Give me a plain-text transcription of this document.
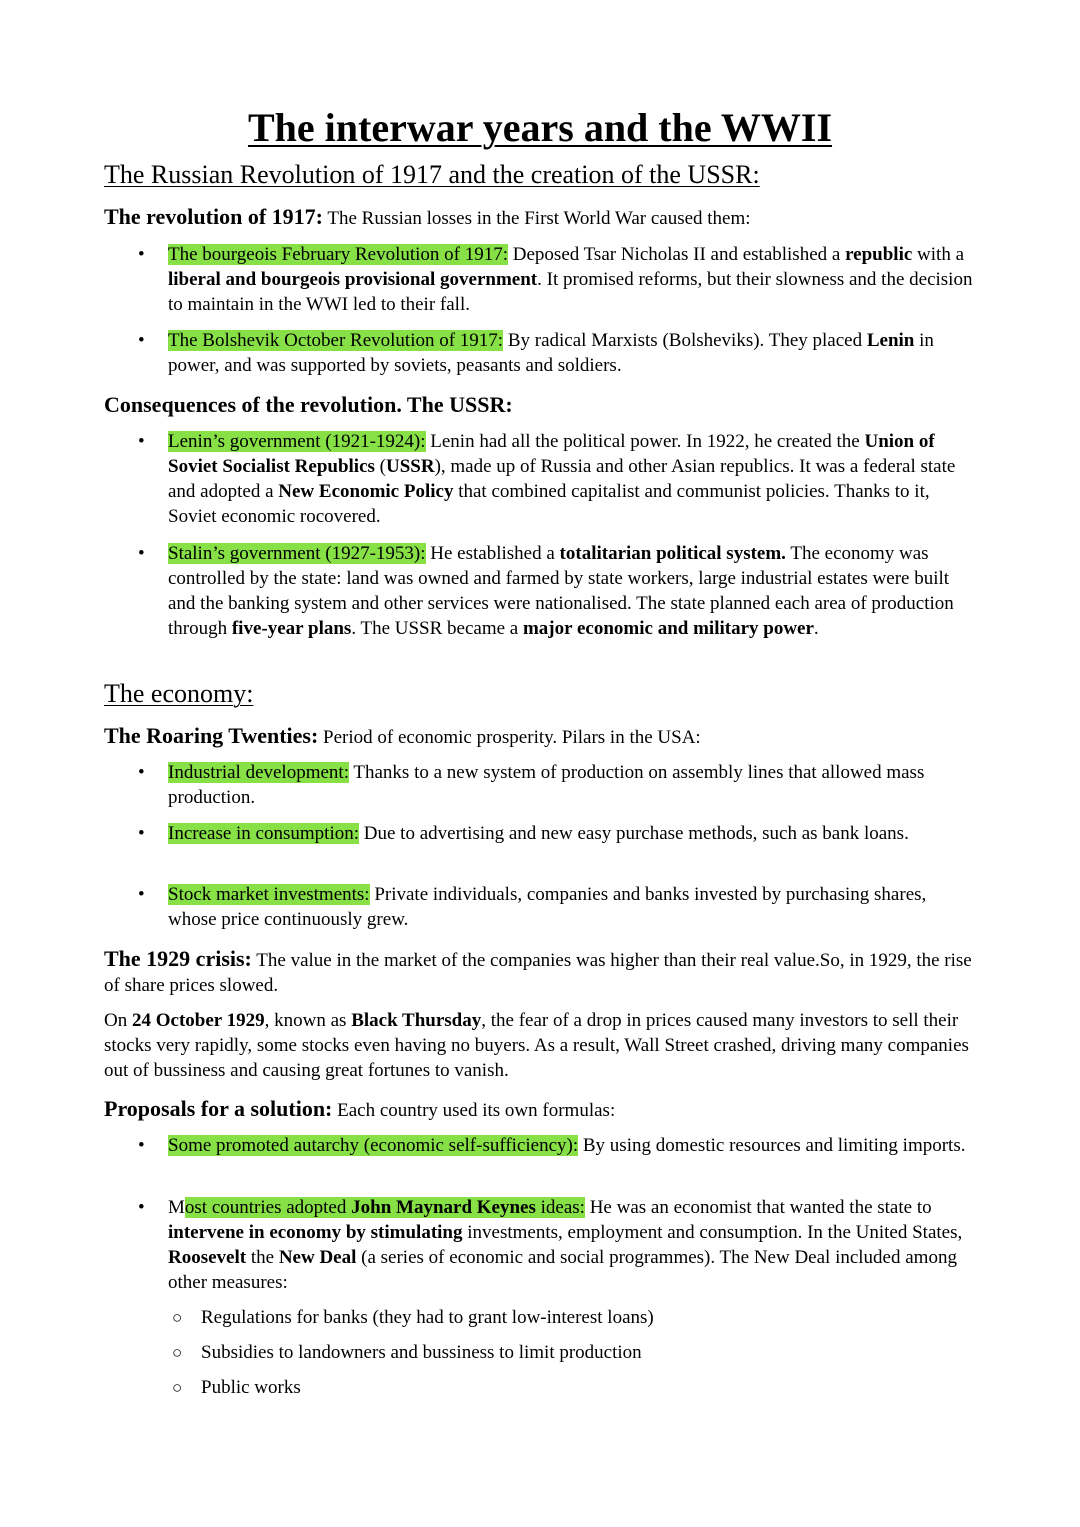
The interwar years and the WWII
The Russian Revolution of 1917 and the creation of the USSR:
The revolution of 1917: The Russian losses in the First World War caused them:
• The bourgeois February Revolution of 1917: Deposed Tsar Nicholas II and established a republic with a liberal and bourgeois provisional government. It promised reforms, but their slowness and the decision to maintain in the WWI led to their fall.
• The Bolshevik October Revolution of 1917: By radical Marxists (Bolsheviks). They placed Lenin in power, and was supported by soviets, peasants and soldiers.
Consequences of the revolution. The USSR:
• Lenin’s government (1921-1924): Lenin had all the political power. In 1922, he created the Union of Soviet Socialist Republics (USSR), made up of Russia and other Asian republics. It was a federal state and adopted a New Economic Policy that combined capitalist and communist policies. Thanks to it, Soviet economic rocovered.
• Stalin’s government (1927-1953): He established a totalitarian political system. The economy was controlled by the state: land was owned and farmed by state workers, large industrial estates were built and the banking system and other services were nationalised. The state planned each area of production through five-year plans. The USSR became a major economic and military power.
The economy:
The Roaring Twenties: Period of economic prosperity. Pilars in the USA:
• Industrial development: Thanks to a new system of production on assembly lines that allowed mass production.
• Increase in consumption: Due to advertising and new easy purchase methods, such as bank loans.
• Stock market investments: Private individuals, companies and banks invested by purchasing shares, whose price continuously grew.
The 1929 crisis: The value in the market of the companies was higher than their real value.So, in 1929, the rise of share prices slowed.
On 24 October 1929, known as Black Thursday, the fear of a drop in prices caused many investors to sell their stocks very rapidly, some stocks even having no buyers. As a result, Wall Street crashed, driving many companies out of bussiness and causing great fortunes to vanish.
Proposals for a solution: Each country used its own formulas:
• Some promoted autarchy (economic self-sufficiency): By using domestic resources and limiting imports.
• Most countries adopted John Maynard Keynes ideas: He was an economist that wanted the state to intervene in economy by stimulating investments, employment and consumption. In the United States, Roosevelt the New Deal (a series of economic and social programmes). The New Deal included among other measures:
○ Regulations for banks (they had to grant low-interest loans)
○ Subsidies to landowners and bussiness to limit production
○ Public works
